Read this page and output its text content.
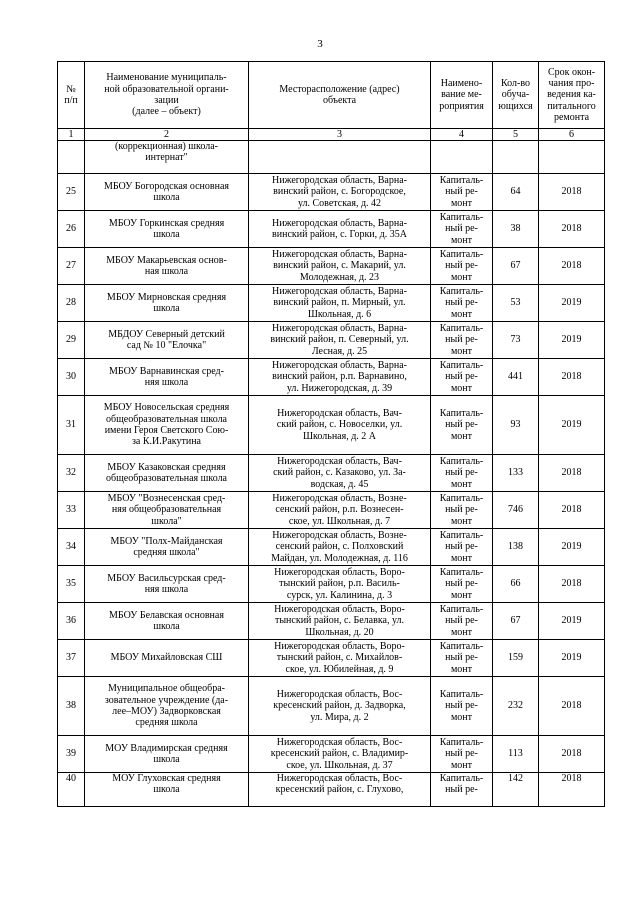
3
№
п/п	Наименование муниципаль-
ной образовательной органи-
зации
(далее – объект)	Месторасположение (адрес)
объекта	Наимено-
вание ме-
роприятия	Кол-во
обуча-
ющихся	Срок окон-
чания про-
ведения ка-
питального
ремонта
1	2	3	4	5	6
	(коррекционная) школа-
интернат"				
25	МБОУ Богородская основная
школа	Нижегородская область, Варна-
винский район, с. Богородское,
ул. Советская, д. 42	Капиталь-
ный ре-
монт	64	2018
26	МБОУ Горкинская средняя
школа	Нижегородская область, Варна-
винский район, с. Горки, д. 35А	Капиталь-
ный ре-
монт	38	2018
27	МБОУ Макарьевская основ-
ная школа	Нижегородская область, Варна-
винский район, с. Макарий, ул.
Молодежная, д. 23	Капиталь-
ный ре-
монт	67	2018
28	МБОУ Мирновская средняя
школа	Нижегородская область, Варна-
винский район, п. Мирный, ул.
Школьная, д. 6	Капиталь-
ный ре-
монт	53	2019
29	МБДОУ Северный детский
сад № 10 "Елочка"	Нижегородская область, Варна-
винский район, п. Северный, ул.
Лесная, д. 25	Капиталь-
ный ре-
монт	73	2019
30	МБОУ Варнавинская сред-
няя школа	Нижегородская область, Варна-
винский район, р.п. Варнавино,
ул. Нижегородская, д. 39	Капиталь-
ный ре-
монт	441	2018
31	МБОУ Новосельская средняя
общеобразовательная школа
имени Героя Светского Сою-
за К.И.Ракутина	Нижегородская область, Вач-
ский район, с. Новоселки, ул.
Школьная, д. 2 А	Капиталь-
ный ре-
монт	93	2019
32	МБОУ Казаковская средняя
общеобразовательная школа	Нижегородская область, Вач-
ский район, с. Казаково, ул. За-
водская, д. 45	Капиталь-
ный ре-
монт	133	2018
33	МБОУ "Вознесенская сред-
няя общеобразовательная
школа"	Нижегородская область, Возне-
сенский район, р.п. Вознесен-
ское, ул. Школьная, д. 7	Капиталь-
ный ре-
монт	746	2018
34	МБОУ "Полх-Майданская
средняя школа"	Нижегородская область, Возне-
сенский район, с. Полховский
Майдан, ул. Молодежная, д. 116	Капиталь-
ный ре-
монт	138	2019
35	МБОУ Васильсурская сред-
няя школа	Нижегородская область, Воро-
тынский район, р.п. Василь-
сурск, ул. Калинина, д. 3	Капиталь-
ный ре-
монт	66	2018
36	МБОУ Белавская основная
школа	Нижегородская область, Воро-
тынский район, с. Белавка, ул.
Школьная, д. 20	Капиталь-
ный ре-
монт	67	2019
37	МБОУ Михайловская СШ	Нижегородская область, Воро-
тынский район, с. Михайлов-
ское, ул. Юбилейная, д. 9	Капиталь-
ный ре-
монт	159	2019
38	Муниципальное общеобра-
зовательное учреждение (да-
лее–МОУ) Задворковская
средняя школа	Нижегородская область, Вос-
кресенский район, д. Задворка,
ул. Мира, д. 2	Капиталь-
ный ре-
монт	232	2018
39	МОУ Владимирская средняя
школа	Нижегородская область, Вос-
кресенский район, с. Владимир-
ское, ул. Школьная, д. 37	Капиталь-
ный ре-
монт	113	2018
40	МОУ Глуховская средняя
школа	Нижегородская область, Вос-
кресенский район, с. Глухово,	Капиталь-
ный ре-	142	2018
